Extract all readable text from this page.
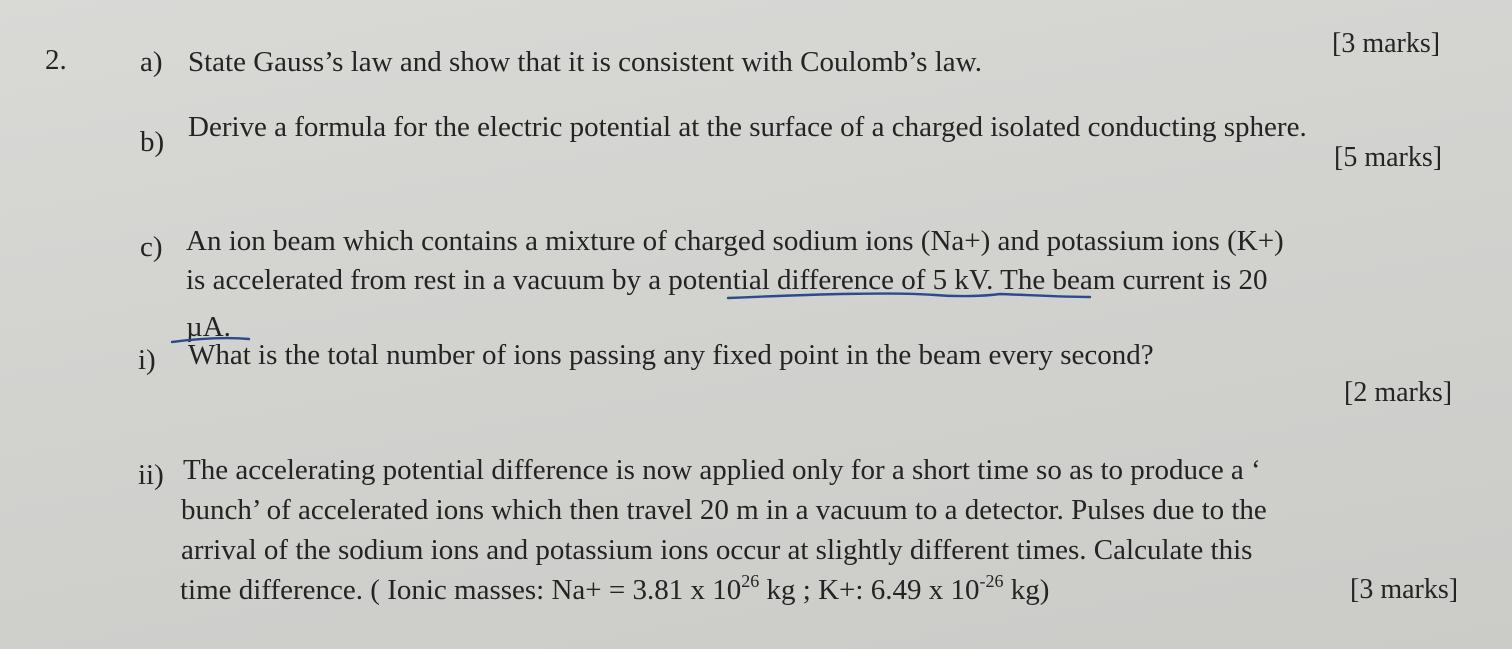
2.	a) State Gauss’s law and show that it is consistent with Coulomb’s law.
[3 marks]
b) Derive a formula for the electric potential at the surface of a charged isolated conducting sphere.
[5 marks]
c) An ion beam which contains a mixture of charged sodium ions (Na+) and potassium ions (K+)
is accelerated from rest in a vacuum by a potential difference of 5 kV. The beam current is 20
µA.
i) What is the total number of ions passing any fixed point in the beam every second?
[2 marks]
ii) The accelerating potential difference is now applied only for a short time so as to produce a ‘
bunch’ of accelerated ions which then travel 20 m in a vacuum to a detector. Pulses due to the
arrival of the sodium ions and potassium ions occur at slightly different times. Calculate this
time difference. ( Ionic masses: Na+ = 3.81 x $10^{26}$ kg ; K+: 6.49 x $10^{-26}$ kg)	[3 marks]
